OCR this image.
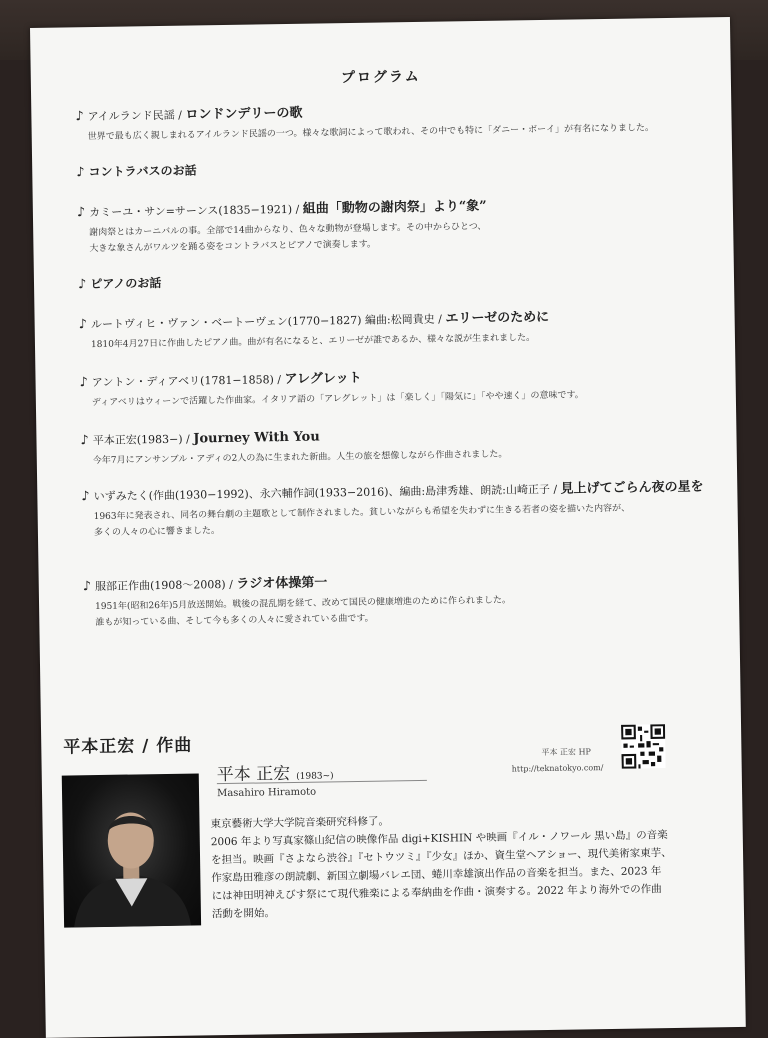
プログラム
♪ アイルランド民謡 / ロンドンデリーの歌
世界で最も広く親しまれるアイルランド民謡の一つ。様々な歌詞によって歌われ、その中でも特に「ダニー・ボーイ」が有名になりました。
♪ コントラバスのお話
♪ カミーユ・サン=サーンス(1835−1921) / 組曲「動物の謝肉祭」より“象”
謝肉祭とはカーニバルの事。全部で14曲からなり、色々な動物が登場します。その中からひとつ、
大きな象さんがワルツを踊る姿をコントラバスとピアノで演奏します。
♪ ピアノのお話
♪ ルートヴィヒ・ヴァン・ベートーヴェン(1770−1827) 編曲:松岡貴史 / エリーゼのために
1810年4月27日に作曲したピアノ曲。曲が有名になると、エリーゼが誰であるか、様々な説が生まれました。
♪ アントン・ディアベリ(1781−1858) / アレグレット
ディアベリはウィーンで活躍した作曲家。イタリア語の「アレグレット」は「楽しく」「陽気に」「やや速く」の意味です。
♪ 平本正宏(1983−) / Journey With You
今年7月にアンサンブル・アディの2人の為に生まれた新曲。人生の旅を想像しながら作曲されました。
♪ いずみたく(作曲(1930−1992)、永六輔作詞(1933−2016)、編曲:島津秀雄、朗読:山崎正子 / 見上げてごらん夜の星を
1963年に発表され、同名の舞台劇の主題歌として制作されました。貧しいながらも希望を失わずに生きる若者の姿を描いた内容が、
多くの人々の心に響きました。
♪ 服部正作曲(1908〜2008) / ラジオ体操第一
1951年(昭和26年)5月放送開始。戦後の混乱期を経て、改めて国民の健康増進のために作られました。
誰もが知っている曲、そして今も多くの人々に愛されている曲です。
平本正宏 / 作曲	平本 正宏 HP
http://teknatokyo.com/
平本 正宏 (1983~)
Masahiro Hiramoto
東京藝術大学大学院音楽研究科修了。
2006 年より写真家篠山紀信の映像作品 digi+KISHIN や映画『イル・ノワール 黒い島』の音楽
を担当。映画『さよなら渋谷』『セトウツミ』『少女』ほか、資生堂ヘアショー、現代美術家東芋、
作家島田雅彦の朗読劇、新国立劇場バレエ団、蜷川幸雄演出作品の音楽を担当。また、2023 年
には神田明神えびす祭にて現代雅楽による奉納曲を作曲・演奏する。2022 年より海外での作曲
活動を開始。
